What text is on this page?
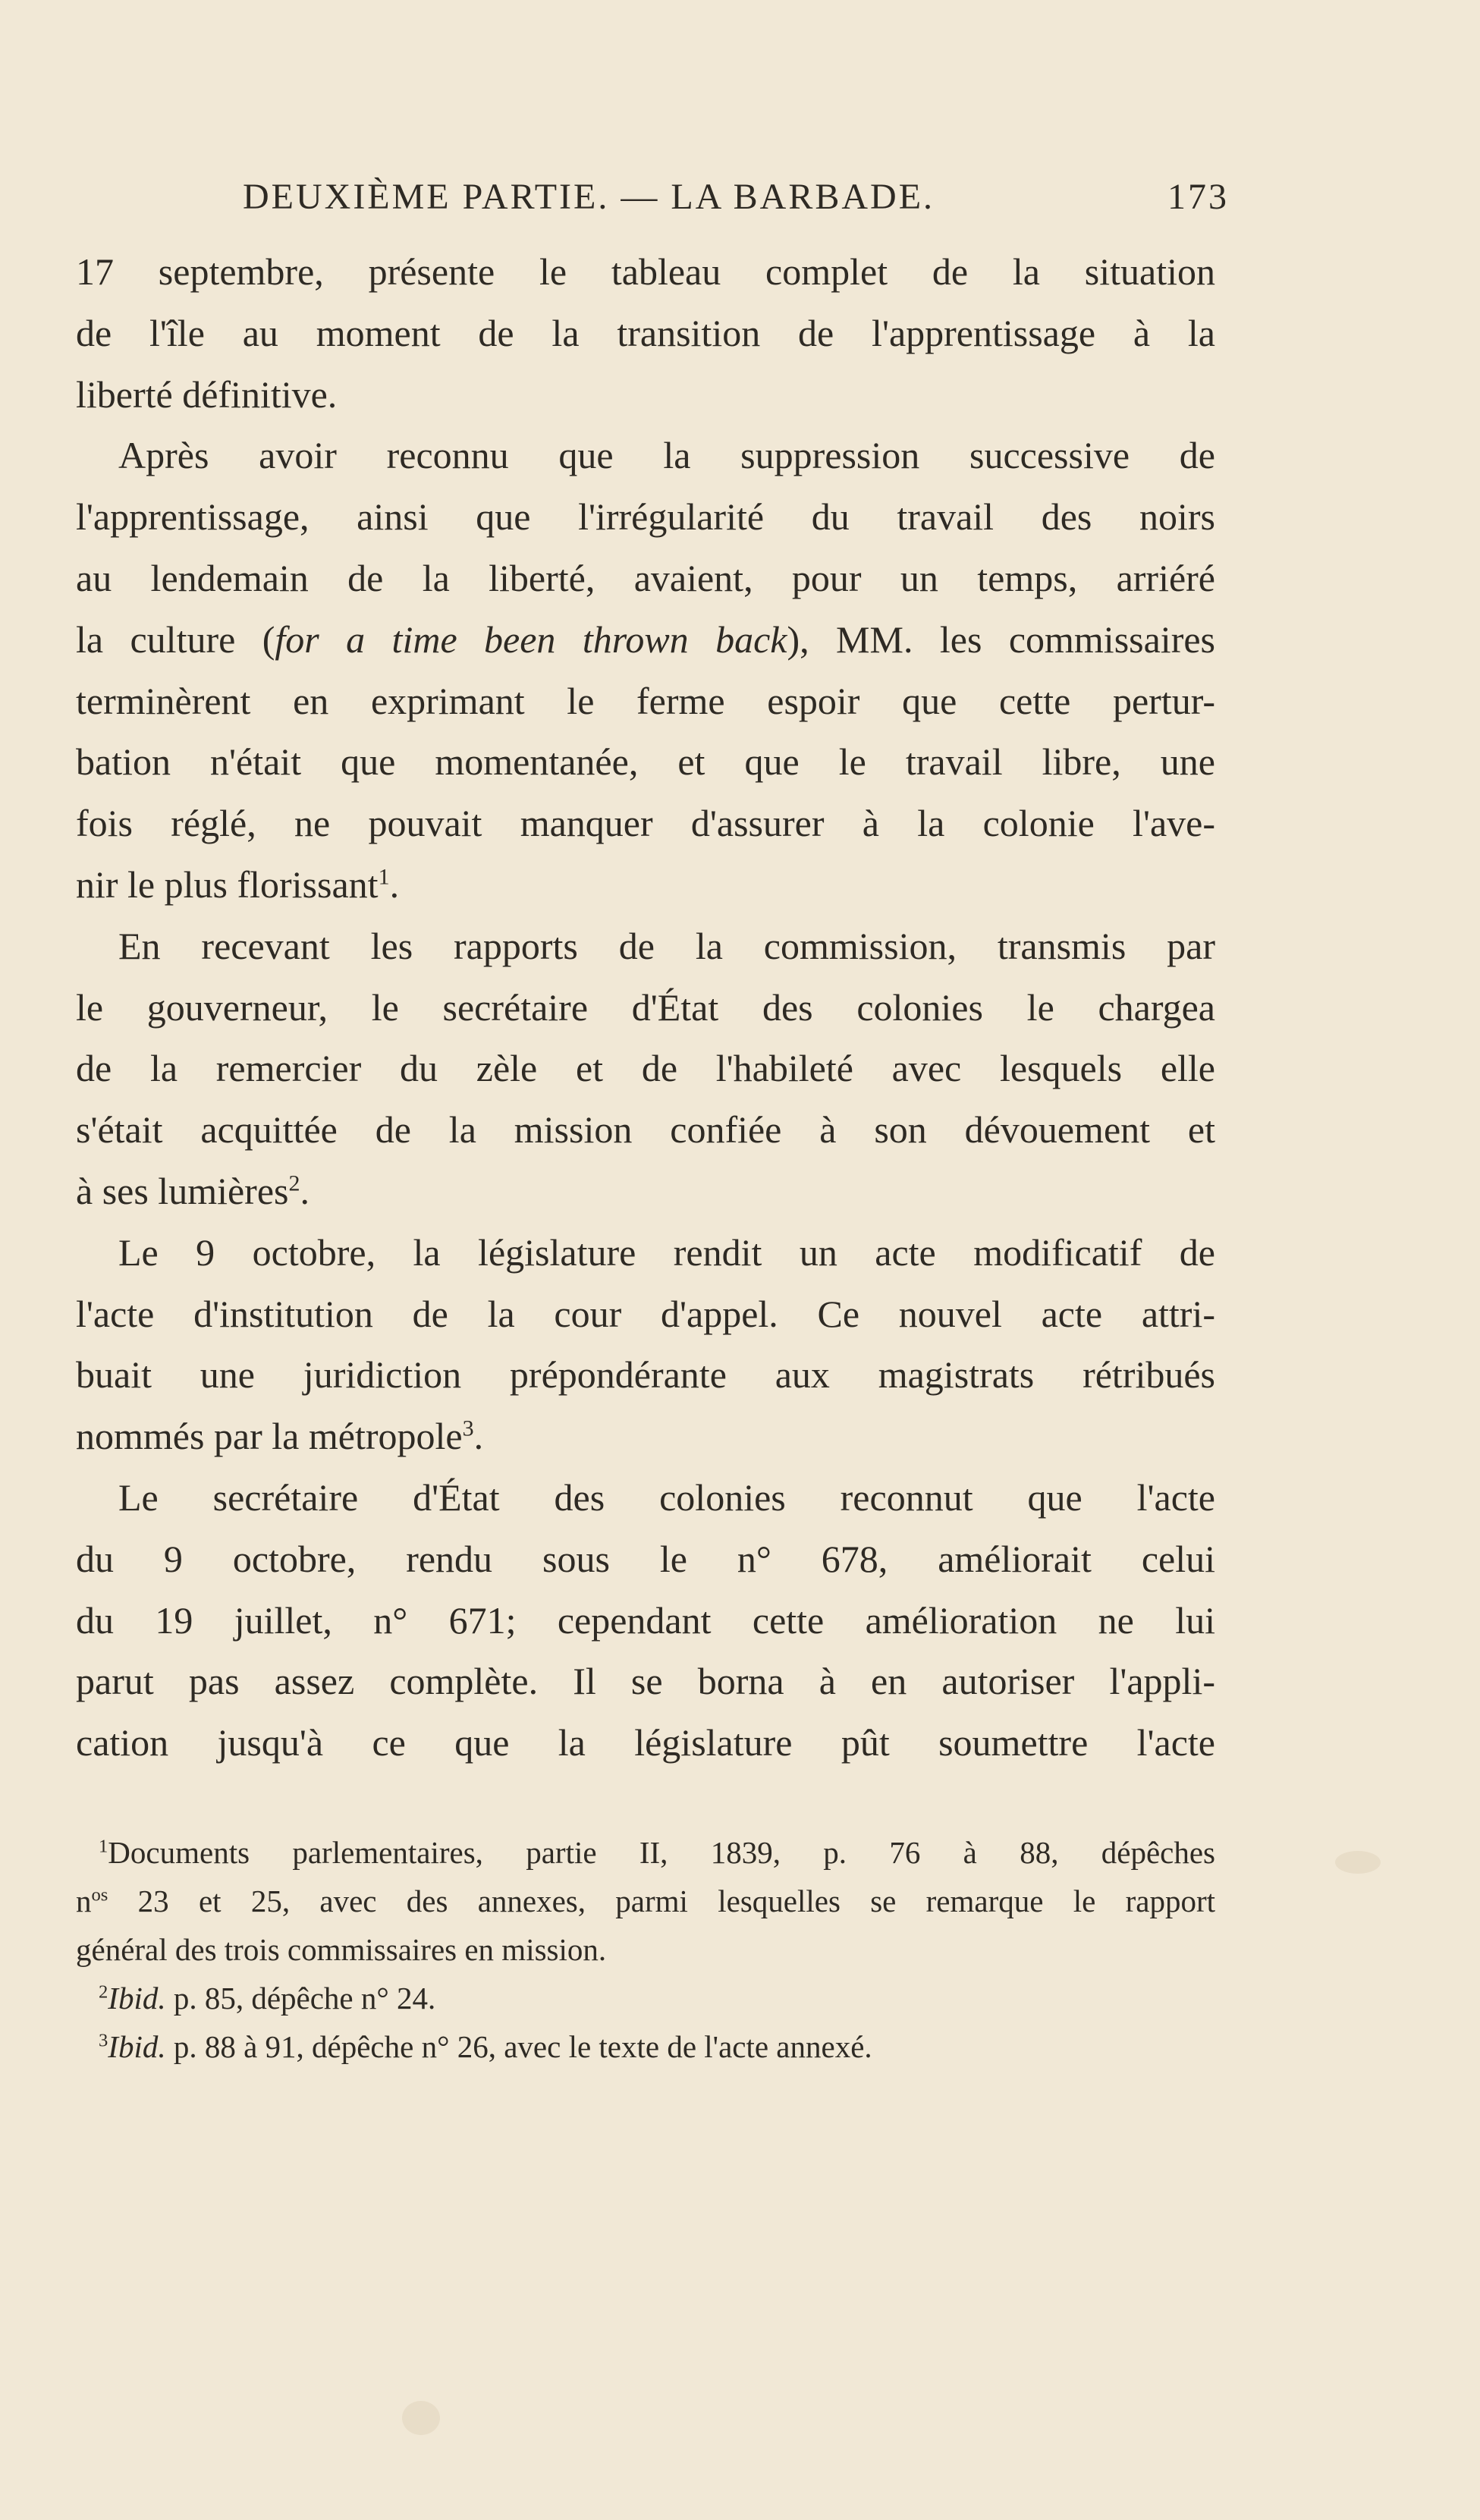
DEUXIÈME PARTIE. — LA BARBADE.	173
17 septembre, présente le tableau complet de la situation
de l'île au moment de la transition de l'apprentissage à la
liberté définitive.
Après avoir reconnu que la suppression successive de
l'apprentissage, ainsi que l'irrégularité du travail des noirs
au lendemain de la liberté, avaient, pour un temps, arriéré
la culture (for a time been thrown back), MM. les commissaires
terminèrent en exprimant le ferme espoir que cette pertur-
bation n'était que momentanée, et que le travail libre, une
fois réglé, ne pouvait manquer d'assurer à la colonie l'ave-
nir le plus florissant$^1$.
En recevant les rapports de la commission, transmis par
le gouverneur, le secrétaire d'État des colonies le chargea
de la remercier du zèle et de l'habileté avec lesquels elle
s'était acquittée de la mission confiée à son dévouement et
à ses lumières$^2$.
Le 9 octobre, la législature rendit un acte modificatif de
l'acte d'institution de la cour d'appel. Ce nouvel acte attri-
buait une juridiction prépondérante aux magistrats rétribués
nommés par la métropole$^3$.
Le secrétaire d'État des colonies reconnut que l'acte
du 9 octobre, rendu sous le n° 678, améliorait celui
du 19 juillet, n° 671; cependant cette amélioration ne lui
parut pas assez complète. Il se borna à en autoriser l'appli-
cation jusqu'à ce que la législature pût soumettre l'acte
$^1$Documents parlementaires, partie II, 1839, p. 76 à 88, dépêches
$n^{os}$ 23 et 25, avec des annexes, parmi lesquelles se remarque le rapport
général des trois commissaires en mission.
$^2$Ibid. p. 85, dépêche n° 24.
$^3$Ibid. p. 88 à 91, dépêche n° 26, avec le texte de l'acte annexé.
